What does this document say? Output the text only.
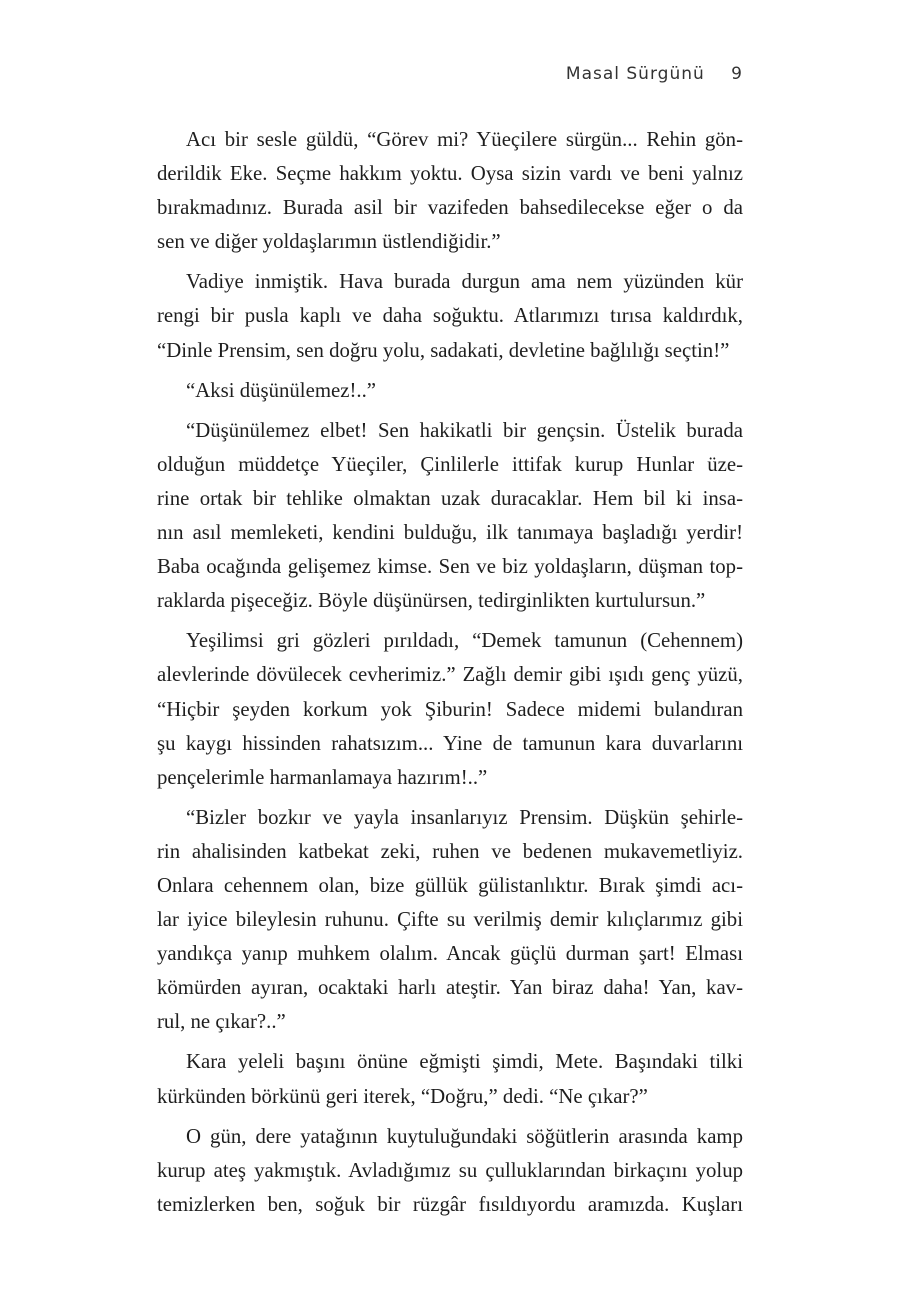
Masal Sürgünü 9

Acı bir sesle güldü, “Görev mi? Yüeçilere sürgün... Rehin gön-
derildik Eke. Seçme hakkım yoktu. Oysa sizin vardı ve beni yalnız
bırakmadınız. Burada asil bir vazifeden bahsedilecekse eğer o da
sen ve diğer yoldaşlarımın üstlendiğidir.”

Vadiye inmiştik. Hava burada durgun ama nem yüzünden kür
rengi bir pusla kaplı ve daha soğuktu. Atlarımızı tırısa kaldırdık,
“Dinle Prensim, sen doğru yolu, sadakati, devletine bağlılığı seçtin!”

“Aksi düşünülemez!..”

“Düşünülemez elbet! Sen hakikatli bir gençsin. Üstelik burada
olduğun müddetçe Yüeçiler, Çinlilerle ittifak kurup Hunlar üze-
rine ortak bir tehlike olmaktan uzak duracaklar. Hem bil ki insa-
nın asıl memleketi, kendini bulduğu, ilk tanımaya başladığı yerdir!
Baba ocağında gelişemez kimse. Sen ve biz yoldaşların, düşman top-
raklarda pişeceğiz. Böyle düşünürsen, tedirginlikten kurtulursun.”

Yeşilimsi gri gözleri pırıldadı, “Demek tamunun (Cehennem)
alevlerinde dövülecek cevherimiz.” Zağlı demir gibi ışıdı genç yüzü,
“Hiçbir şeyden korkum yok Şiburin! Sadece midemi bulandıran
şu kaygı hissinden rahatsızım... Yine de tamunun kara duvarlarını
pençelerimle harmanlamaya hazırım!..”

“Bizler bozkır ve yayla insanlarıyız Prensim. Düşkün şehirle-
rin ahalisinden katbekat zeki, ruhen ve bedenen mukavemetliyiz.
Onlara cehennem olan, bize güllük gülistanlıktır. Bırak şimdi acı-
lar iyice bileylesin ruhunu. Çifte su verilmiş demir kılıçlarımız gibi
yandıkça yanıp muhkem olalım. Ancak güçlü durman şart! Elması
kömürden ayıran, ocaktaki harlı ateştir. Yan biraz daha! Yan, kav-
rul, ne çıkar?..”

Kara yeleli başını önüne eğmişti şimdi, Mete. Başındaki tilki
kürkünden börkünü geri iterek, “Doğru,” dedi. “Ne çıkar?”

O gün, dere yatağının kuytuluğundaki söğütlerin arasında kamp
kurup ateş yakmıştık. Avladığımız su çulluklarından birkaçını yolup
temizlerken ben, soğuk bir rüzgâr fısıldıyordu aramızda. Kuşları
